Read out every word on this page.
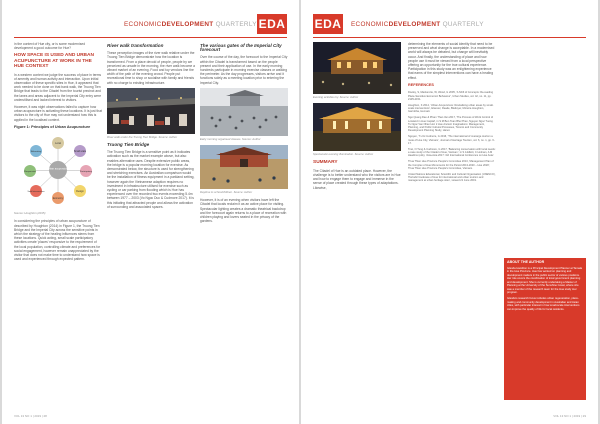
EDA
ECONOMICDEVELOPMENT QUARTERLY

in the context of Hue city, or is some modernised development a good outcome for Hue?

HOW SPACE IS USED AND URBAN ACUPUNCTURE AT WORK IN THE HUE CONTEXT

In a western context we judge the success of place in terms of amenity and human activity and interaction. Upon initial observation of these specific sites in Hue, it appeared that work needed to be done on that bank walk, the Truong Tien Bridge that leads to the Citadel from the tourist precinct and the lanes and areas adjacent to the Imperial City entry were underutilised and lacked interest to visitors.

However, it was night observations failed to capture how urban acupuncture is activating these locations. It is just that visitors to the city of Hue may not understand how this is applied in the localised context.

Figure 1: Principles of Urban Acupuncture
Urban acupuncture
Local
Small scale
Participatory
Design
Economy
Small interventions
Responsive
Relocating
Source: Houghton (2015)

In considering the principles of urban acupuncture of described by Houghton (2014) in Figure 1, the Truong Tien Bridge and the Imperial City across the sensitive points in which the strategy of the healing influences stems from these locations. Quick acting, small scale participatory activities create 'places' responsive to the requirement of the local population, controlling climate and preferences for social engagement, however remain unappreciated by the visitor that does not make time to understand how space is used and experienced through expected pattern.

River walk transformation

These perception images of the river walk relative under the Truong Tien Bridge demonstrate how the location is transformed. From a place devoid of people, people by we perceived as unsafe in the morning, the river walk become a vibrant market of an evening. Food and toy vendors line the width of the path of the evening crowd. People put recreational time to shop or socialise with family and friends with no charge to existing infrastructure.

River walk under the Truong Tien Bridge. Source: Author
Truong Tien Bridge

The Truong Tien Bridge is a sensitive point as it indicates activation such as the market example above, but also enables alternative uses. Despite extensive public areas, the bridge is a popular morning location for exercise. As demonstrated below, the structure is used for strengthening and stretching exercises. An Australian comparison would be the installation of fitness equipment in a parkland setting, however again the Vietnamese adaption requires no investment in infrastructure utilised for exercise such as cycling or car parking from flooding which is Hue has experienced over the recorded two events exceeding 5.4m between 1977 – 2003 (Vo Ngoc Duc & Cudmore 2017). It is this initiating that attracted people and allows the activation of surrounding and associated spaces.

The various gates of the Imperial City forecourt

Over the course of the day, the forecourt to the Imperial City within the Citadel is transformed based on the people present and their application of use. In the early morning hundreds participate in morning exercise classes or walking the perimeter. As the day progresses, visitors arrive and it functions solely as a meeting location prior to entering the Imperial City.

Early morning organised classes. Source: Author
Daytime to schoolchildren. Source: Author

However, it is of an evening when visitors have left the Citadel that locals reclaim it as an active place for visiting. Spectacular lighting creates a dramatic theatrical backdrop and the forecourt again returns to a place of recreation with children playing and lovers seated in the privacy of the gardens.

VOL 13 NO 1 | 2019 | 28
EDA ECONOMICDEVELOPMENT QUARTERLY
Evening activities by. Source: Author
Spectacular evening illumination. Source: Author
SUMMARY

The Citadel of Hue is an outdated place. However, the challenge is to better understand who the visitors are in Hue and how to engage them to engage and immerse in the sense of place created through these types of adaptations. Likewise,

determining the elements of social identity that need to be preserved and what change is acceptable. In a modernised world will always be debated, but change will inevitably occur. And finally, the understanding of place and how people use it must be viewed from a local perspective offering an opportunity for the true cultural experience. Participation in this study was an enlightening experience that earns of the simplest interventions can have a healing effect.

REFERENCES
Dooley, S, Mackenzie, W, Wood, G 2005, 'A Shift of Concepts: Re-reading Place-Sensitive Economic Behaviour', Urban Studies, vol. 42, no. 11, pp. 2135-2151.
Houghton, K 2014, 'Urban Acupuncture: Revitalising urban areas by small-scale interventions', Elsevier, Reade, Bledoyer, Moreira Houghton, Garrubba, Hennatt.
Ngo Quang Dao & Pham Than Van 2017, 'The Process of Work Control of Lowland in Hue Capital', in S M Ben Toan Bhe Phan, Nguyen Ngoc Tuong Tu Ngoc Van Nhan Hoc 2 Hue Ancient Imaginations: Management, Planning, and Public Cultural Processes, Toronto and Community Development Planning Study, Hanoi.
Nguyen, T H & Cudmore, G 2016, 'The international of overarge tourism a route of Hue City, Vietnam', Journal of Heritage Tourism, vol. 6, no. 1, pp. 6-17.
Tran, N Tung & Cudmore, G 2017, 'Balancing conservation with local needs: a case study of the Citadel of Hue, Vietnam', in S A Elliott, C Holman, A M Hawkins (eds), 'Asia-Asia 2017: 3rd International Conference on Hue Asia'.
Thua Thien Hue Province People's Committee 2013, 'Management Plan of the Complex of Hue Monuments for the Period 2013-2020 – Hue 2020', Thua Thien Hue Province People's Committee, Vietnam.
United Nations Educational, Scientific and Cultural Organisation (UNESCO), 'Periodic bookcase of Hue for international and urban tourism and management at urban heritage sites', viewed 21 June 2019.
ABOUT THE AUTHOR

Glenda Hamilton is a Principal Development Planner at Tamala in the Hue Province. Hue has worked on planning and development matters in the public sector of various positions. Her role covers the coordination of local government planning and development. She is currently undertaking a Master of Planning at the University of the Sunshine Coast, where she was a member of the research team for the Hue study tour program.

Glenda's research focus includes urban regeneration, place-making and community development in Australian and Asian cities, with particular interest in how small-scale interventions can improve the quality of life for local residents.

VOL 13 NO 1 | 2019 | 29
